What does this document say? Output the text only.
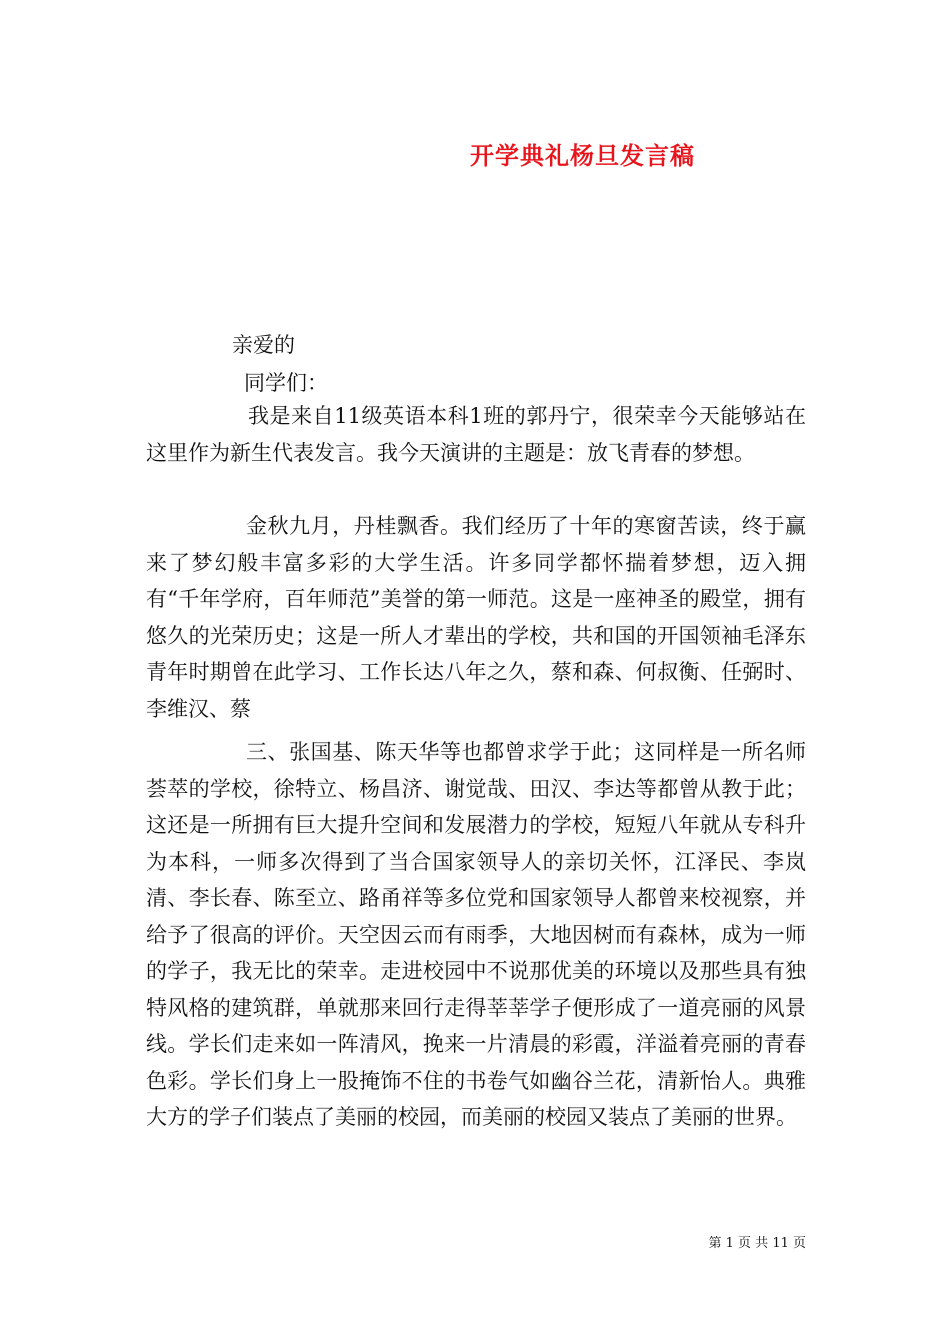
开学典礼杨旦发言稿
亲爱的
同学们：

我是来自11级英语本科1班的郭丹宁，很荣幸今天能够站在这里作为新生代表发言。我今天演讲的主题是：放飞青春的梦想。

金秋九月，丹桂飘香。我们经历了十年的寒窗苦读，终于赢来了梦幻般丰富多彩的大学生活。许多同学都怀揣着梦想，迈入拥有“千年学府，百年师范”美誉的第一师范。这是一座神圣的殿堂，拥有悠久的光荣历史；这是一所人才辈出的学校，共和国的开国领袖毛泽东青年时期曾在此学习、工作长达八年之久，蔡和森、何叔衡、任弼时、李维汉、蔡

三、张国基、陈天华等也都曾求学于此；这同样是一所名师荟萃的学校，徐特立、杨昌济、谢觉哉、田汉、李达等都曾从教于此；这还是一所拥有巨大提升空间和发展潜力的学校，短短八年就从专科升为本科，一师多次得到了当合国家领导人的亲切关怀，江泽民、李岚清、李长春、陈至立、路甬祥等多位党和国家领导人都曾来校视察，并给予了很高的评价。天空因云而有雨季，大地因树而有森林，成为一师的学子，我无比的荣幸。走进校园中不说那优美的环境以及那些具有独特风格的建筑群，单就那来回行走得莘莘学子便形成了一道亮丽的风景线。学长们走来如一阵清风，挽来一片清晨的彩霞，洋溢着亮丽的青春色彩。学长们身上一股掩饰不住的书卷气如幽谷兰花，清新怡人。典雅大方的学子们装点了美丽的校园，而美丽的校园又装点了美丽的世界。

第 1 页 共 11 页
